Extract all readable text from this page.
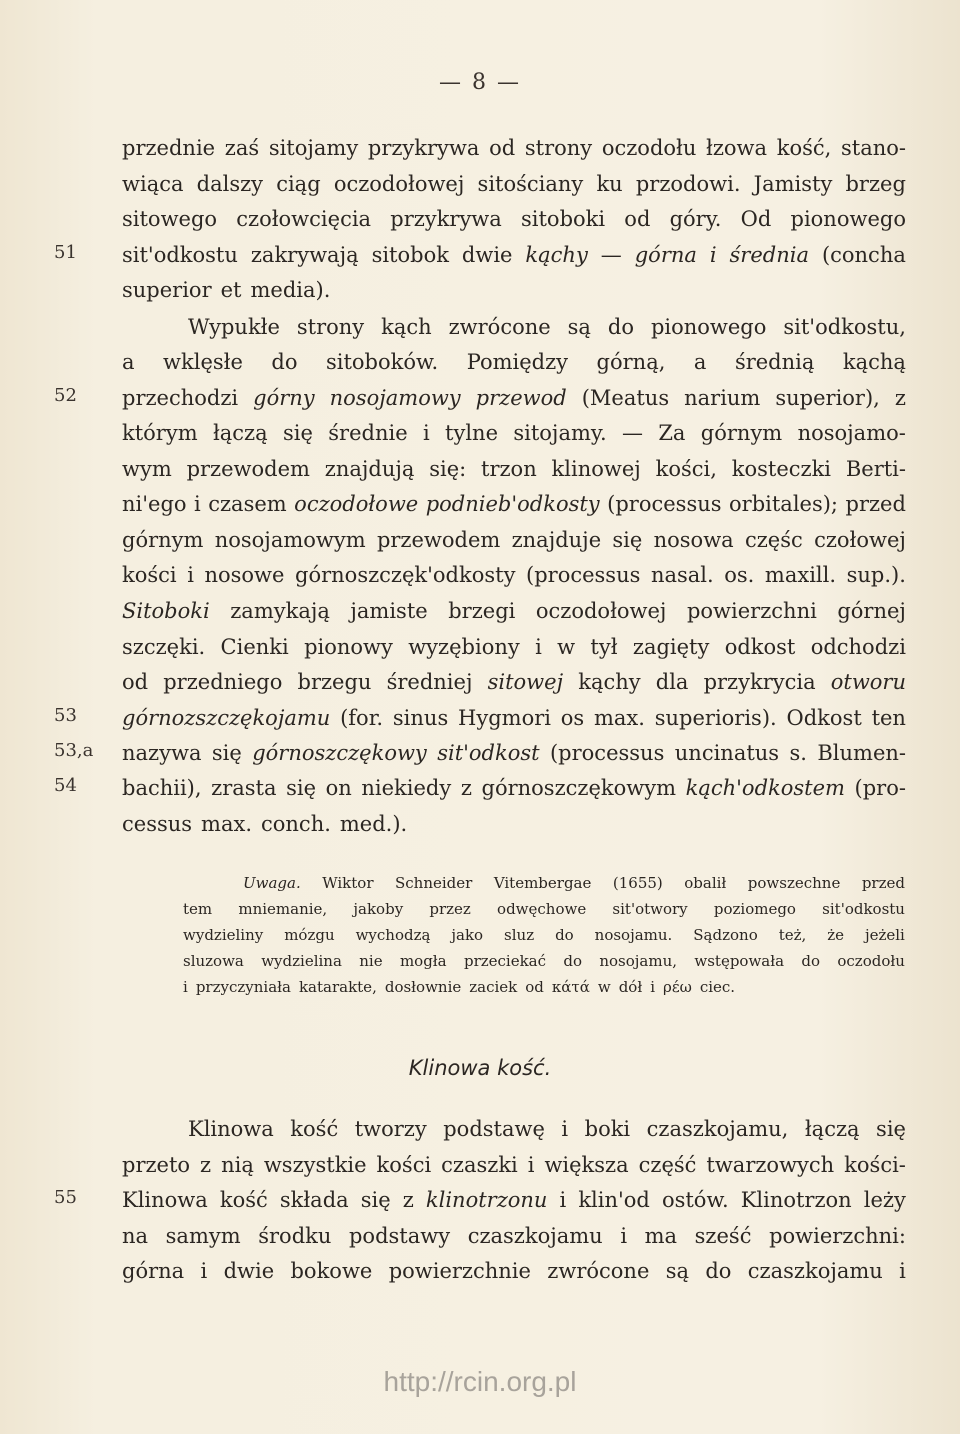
— 8 —
przednie zaś sitojamy przykrywa od strony oczodołu łzowa kość, stano-
wiąca dalszy ciąg oczodołowej sitościany ku przodowi. Jamisty brzeg
sitowego czołowcięcia przykrywa sitoboki od góry. Od pionowego
sit'odkostu zakrywają sitobok dwie kąchy — górna i średnia (concha
superior et media).
Wypukłe strony kąch zwrócone są do pionowego sit'odkostu,
a wklęsłe do sitoboków. Pomiędzy górną, a średnią kąchą
przechodzi górny nosojamowy przewod (Meatus narium superior), z
którym łączą się średnie i tylne sitojamy. — Za górnym nosojamo-
wym przewodem znajdują się: trzon klinowej kości, kosteczki Berti-
ni'ego i czasem oczodołowe podnieb'odkosty (processus orbitales); przed
górnym nosojamowym przewodem znajduje się nosowa częśc czołowej
kości i nosowe górnoszczęk'odkosty (processus nasal. os. maxill. sup.).
Sitoboki zamykają jamiste brzegi oczodołowej powierzchni górnej
szczęki. Cienki pionowy wyzębiony i w tył zagięty odkost odchodzi
od przedniego brzegu średniej sitowej kąchy dla przykrycia otworu
górnozszczękojamu (for. sinus Hygmori os max. superioris). Odkost ten
nazywa się górnoszczękowy sit'odkost (processus uncinatus s. Blumen-
bachii), zrasta się on niekiedy z górnoszczękowym kąch'odkostem (pro-
cessus max. conch. med.).
Uwaga. Wiktor Schneider Vitembergae (1655) obalił powszechne przed
tem mniemanie, jakoby przez odwęchowe sit'otwory poziomego sit'odkostu
wydzieliny mózgu wychodzą jako sluz do nosojamu. Sądzono też, że jeżeli
sluzowa wydzielina nie mogła przeciekać do nosojamu, wstępowała do oczodołu
i przyczyniała katarakte, dosłownie zaciek od κάτά w dół i ρέω ciec.
Klinowa kość.
Klinowa kość tworzy podstawę i boki czaszkojamu, łączą się
przeto z nią wszystkie kości czaszki i większa część twarzowych kości-
Klinowa kość składa się z klinotrzonu i klin'od ostów. Klinotrzon leży
na samym środku podstawy czaszkojamu i ma sześć powierzchni:
górna i dwie bokowe powierzchnie zwrócone są do czaszkojamu i
51
52
53
53,a
54
55
http://rcin.org.pl
